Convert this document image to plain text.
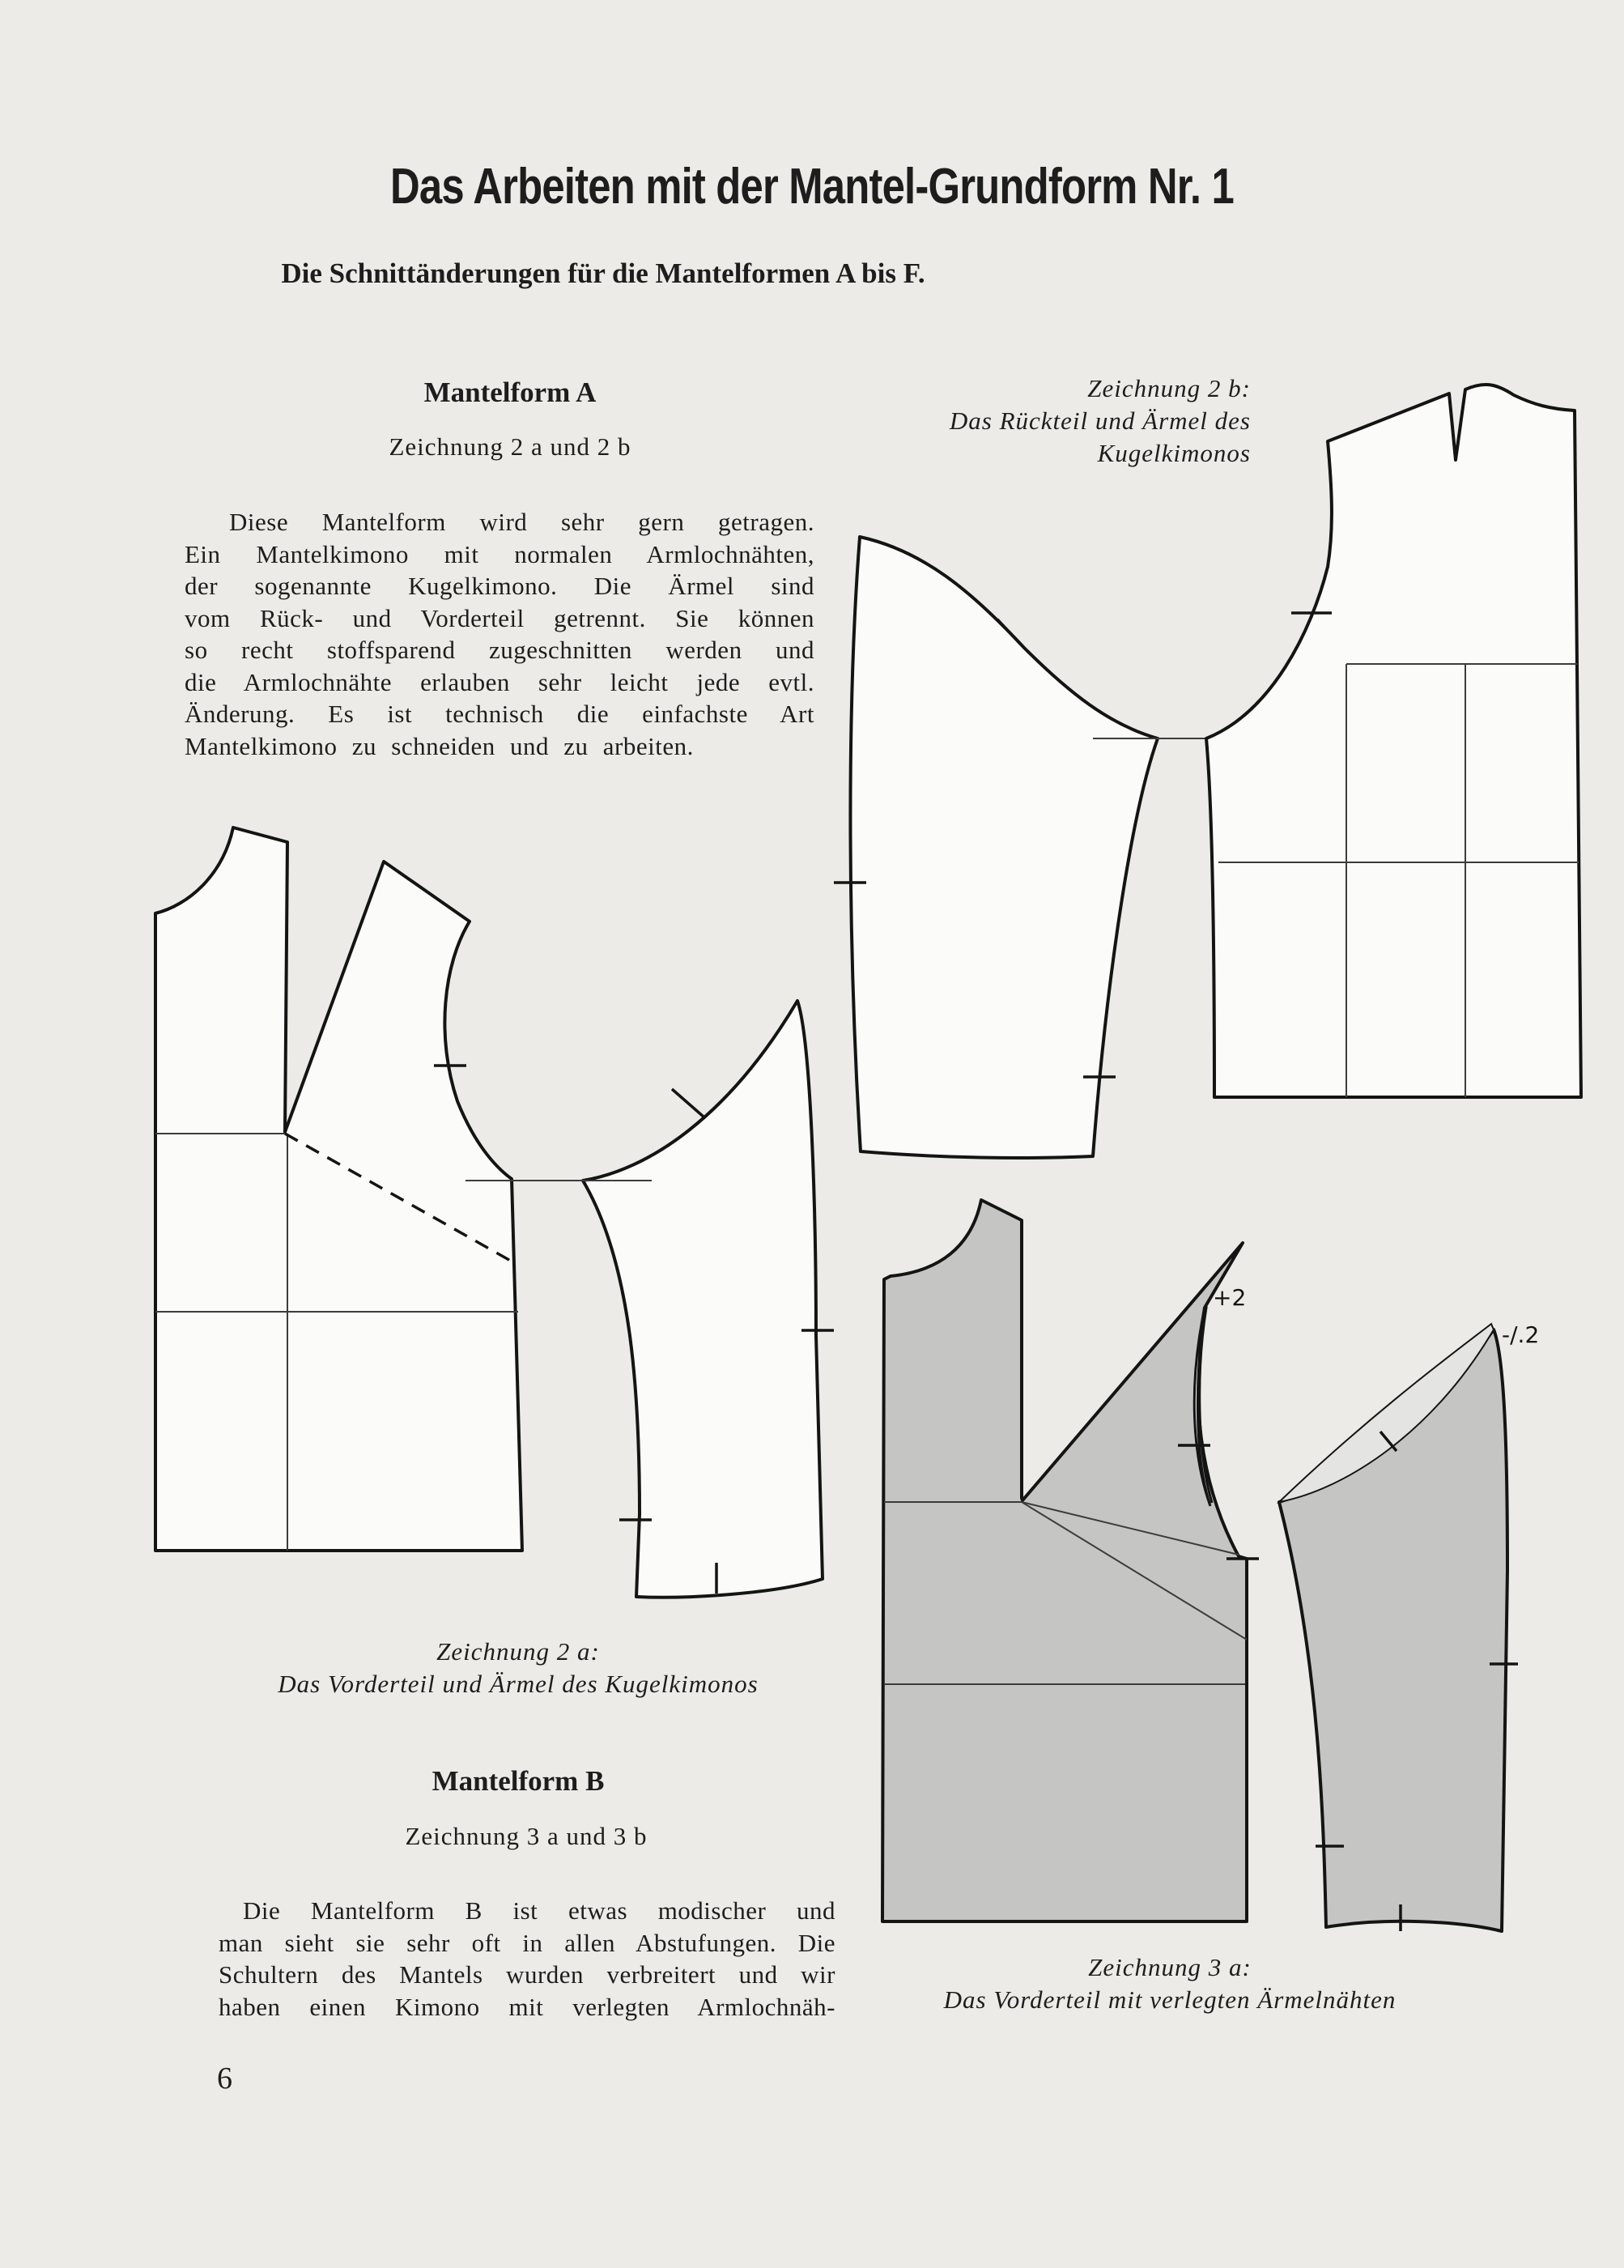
Das Arbeiten mit der Mantel-Grundform Nr. 1
Die Schnittänderungen für die Mantelformen A bis F.
Mantelform A
Zeichnung 2 a und 2 b
Diese Mantelform wird sehr gern getragen.
Ein Mantelkimono mit normalen Armlochnähten,
der sogenannte Kugelkimono. Die Ärmel sind
vom Rück- und Vorderteil getrennt. Sie können
so recht stoffsparend zugeschnitten werden und
die Armlochnähte erlauben sehr leicht jede evtl.
Änderung. Es ist technisch die einfachste Art
Mantelkimono zu schneiden und zu arbeiten.
Zeichnung 2 b:
Das Rückteil und Ärmel des
Kugelkimonos
Zeichnung 2 a:
Das Vorderteil und Ärmel des Kugelkimonos
Mantelform B
Zeichnung 3 a und 3 b
Die Mantelform B ist etwas modischer und
man sieht sie sehr oft in allen Abstufungen. Die
Schultern des Mantels wurden verbreitert und wir
haben einen Kimono mit verlegten Armlochnäh-
Zeichnung 3 a:
Das Vorderteil mit verlegten Ärmelnähten
6
+2
-/.2
